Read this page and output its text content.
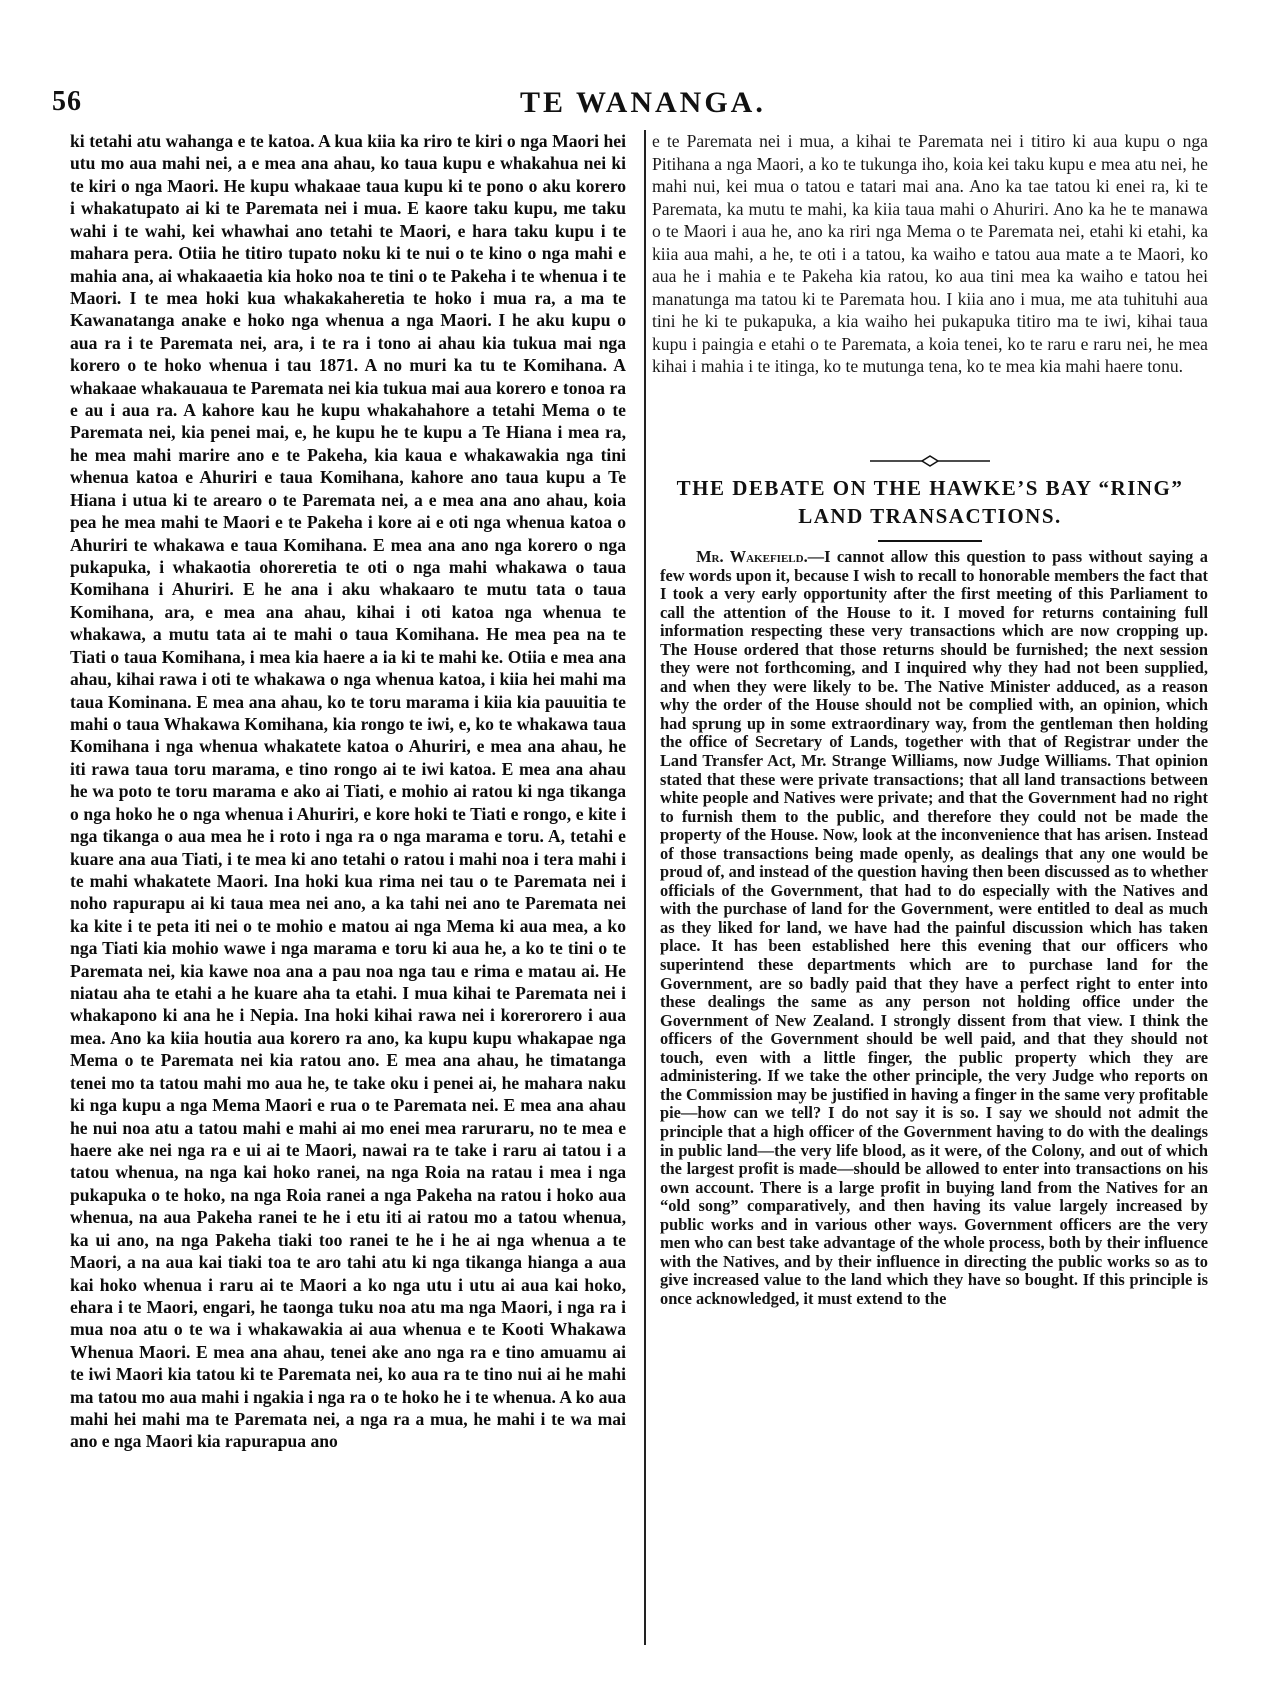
56	TE WANANGA.

ki tetahi atu wahanga e te katoa. A kua kiia ka riro te kiri o nga Maori hei utu mo aua mahi nei, a e mea ana ahau, ko taua kupu e whakahua nei ki te kiri o nga Maori. He kupu whakaae taua kupu ki te pono o aku korero i whakatupato ai ki te Paremata nei i mua. E kaore taku kupu, me taku wahi i te wahi, kei whawhai ano tetahi te Maori, e hara taku kupu i te mahara pera. Otiia he titiro tupato noku ki te nui o te kino o nga mahi e mahia ana, ai whakaaetia kia hoko noa te tini o te Pakeha i te whenua i te Maori. I te mea hoki kua whakakaheretia te hoko i mua ra, a ma te Kawanatanga anake e hoko nga whenua a nga Maori. I he aku kupu o aua ra i te Paremata nei, ara, i te ra i tono ai ahau kia tukua mai nga korero o te hoko whenua i tau 1871. A no muri ka tu te Komihana. A whakaae whakauaua te Paremata nei kia tukua mai aua korero e tonoa ra e au i aua ra. A kahore kau he kupu whakahahore a tetahi Mema o te Paremata nei, kia penei mai, e, he kupu he te kupu a Te Hiana i mea ra, he mea mahi marire ano e te Pakeha, kia kaua e whakawakia nga tini whenua katoa e Ahuriri e taua Komihana, kahore ano taua kupu a Te Hiana i utua ki te arearo o te Paremata nei, a e mea ana ano ahau, koia pea he mea mahi te Maori e te Pakeha i kore ai e oti nga whenua katoa o Ahuriri te whakawa e taua Komihana. E mea ana ano nga korero o nga pukapuka, i whakaotia ohoreretia te oti o nga mahi whakawa o taua Komihana i Ahuriri. E he ana i aku whakaaro te mutu tata o taua Komihana, ara, e mea ana ahau, kihai i oti katoa nga whenua te whakawa, a mutu tata ai te mahi o taua Komihana. He mea pea na te Tiati o taua Komihana, i mea kia haere a ia ki te mahi ke. Otiia e mea ana ahau, kihai rawa i oti te whakawa o nga whenua katoa, i kiia hei mahi ma taua Kominana. E mea ana ahau, ko te toru marama i kiia kia pauuitia te mahi o taua Whakawa Komihana, kia rongo te iwi, e, ko te whakawa taua Komihana i nga whenua whakatete katoa o Ahuriri, e mea ana ahau, he iti rawa taua toru marama, e tino rongo ai te iwi katoa. E mea ana ahau he wa poto te toru marama e ako ai Tiati, e mohio ai ratou ki nga tikanga o nga hoko he o nga whenua i Ahuriri, e kore hoki te Tiati e rongo, e kite i nga tikanga o aua mea he i roto i nga ra o nga marama e toru. A, tetahi e kuare ana aua Tiati, i te mea ki ano tetahi o ratou i mahi noa i tera mahi i te mahi whakatete Maori. Ina hoki kua rima nei tau o te Paremata nei i noho rapurapu ai ki taua mea nei ano, a ka tahi nei ano te Paremata nei ka kite i te peta iti nei o te mohio e matou ai nga Mema ki aua mea, a ko nga Tiati kia mohio wawe i nga marama e toru ki aua he, a ko te tini o te Paremata nei, kia kawe noa ana a pau noa nga tau e rima e matau ai. He niatau aha te etahi a he kuare aha ta etahi. I mua kihai te Paremata nei i whakapono ki ana he i Nepia. Ina hoki kihai rawa nei i korerorero i aua mea. Ano ka kiia houtia aua korero ra ano, ka kupu kupu whakapae nga Mema o te Paremata nei kia ratou ano. E mea ana ahau, he timatanga tenei mo ta tatou mahi mo aua he, te take oku i penei ai, he mahara naku ki nga kupu a nga Mema Maori e rua o te Paremata nei. E mea ana ahau he nui noa atu a tatou mahi e mahi ai mo enei mea raruraru, no te mea e haere ake nei nga ra e ui ai te Maori, nawai ra te take i raru ai tatou i a tatou whenua, na nga kai hoko ranei, na nga Roia na ratau i mea i nga pukapuka o te hoko, na nga Roia ranei a nga Pakeha na ratou i hoko aua whenua, na aua Pakeha ranei te he i etu iti ai ratou mo a tatou whenua, ka ui ano, na nga Pakeha tiaki too ranei te he i he ai nga whenua a te Maori, a na aua kai tiaki toa te aro tahi atu ki nga tikanga hianga a aua kai hoko whenua i raru ai te Maori a ko nga utu i utu ai aua kai hoko, ehara i te Maori, engari, he taonga tuku noa atu ma nga Maori, i nga ra i mua noa atu o te wa i whakawakia ai aua whenua e te Kooti Whakawa Whenua Maori. E mea ana ahau, tenei ake ano nga ra e tino amuamu ai te iwi Maori kia tatou ki te Paremata nei, ko aua ra te tino nui ai he mahi ma tatou mo aua mahi i ngakia i nga ra o te hoko he i te whenua. A ko aua mahi hei mahi ma te Paremata nei, a nga ra a mua, he mahi i te wa mai ano e nga Maori kia rapurapua ano

e te Paremata nei i mua, a kihai te Paremata nei i titiro ki aua kupu o nga Pitihana a nga Maori, a ko te tukunga iho, koia kei taku kupu e mea atu nei, he mahi nui, kei mua o tatou e tatari mai ana. Ano ka tae tatou ki enei ra, ki te Paremata, ka mutu te mahi, ka kiia taua mahi o Ahuriri. Ano ka he te manawa o te Maori i aua he, ano ka riri nga Mema o te Paremata nei, etahi ki etahi, ka kiia aua mahi, a he, te oti i a tatou, ka waiho e tatou aua mate a te Maori, ko aua he i mahia e te Pakeha kia ratou, ko aua tini mea ka waiho e tatou hei manatunga ma tatou ki te Paremata hou. I kiia ano i mua, me ata tuhituhi aua tini he ki te pukapuka, a kia waiho hei pukapuka titiro ma te iwi, kihai taua kupu i paingia e etahi o te Paremata, a koia tenei, ko te raru e raru nei, he mea kihai i mahia i te itinga, ko te mutunga tena, ko te mea kia mahi haere tonu.

THE DEBATE ON THE HAWKE’S BAY “RING” LAND TRANSACTIONS.

Mr. Wakefield.—I cannot allow this question to pass without saying a few words upon it, because I wish to recall to honorable members the fact that I took a very early opportunity after the first meeting of this Parliament to call the attention of the House to it. I moved for returns containing full information respecting these very transactions which are now cropping up. The House ordered that those returns should be furnished; the next session they were not forthcoming, and I inquired why they had not been supplied, and when they were likely to be. The Native Minister adduced, as a reason why the order of the House should not be complied with, an opinion, which had sprung up in some extraordinary way, from the gentleman then holding the office of Secretary of Lands, together with that of Registrar under the Land Transfer Act, Mr. Strange Williams, now Judge Williams. That opinion stated that these were private transactions; that all land transactions between white people and Natives were private; and that the Government had no right to furnish them to the public, and therefore they could not be made the property of the House. Now, look at the inconvenience that has arisen. Instead of those transactions being made openly, as dealings that any one would be proud of, and instead of the question having then been discussed as to whether officials of the Government, that had to do especially with the Natives and with the purchase of land for the Government, were entitled to deal as much as they liked for land, we have had the painful discussion which has taken place. It has been established here this evening that our officers who superintend these departments which are to purchase land for the Government, are so badly paid that they have a perfect right to enter into these dealings the same as any person not holding office under the Government of New Zealand. I strongly dissent from that view. I think the officers of the Government should be well paid, and that they should not touch, even with a little finger, the public property which they are administering. If we take the other principle, the very Judge who reports on the Commission may be justified in having a finger in the same very profitable pie—how can we tell? I do not say it is so. I say we should not admit the principle that a high officer of the Government having to do with the dealings in public land—the very life blood, as it were, of the Colony, and out of which the largest profit is made—should be allowed to enter into transactions on his own account. There is a large profit in buying land from the Natives for an “old song” comparatively, and then having its value largely increased by public works and in various other ways. Government officers are the very men who can best take advantage of the whole process, both by their influence with the Natives, and by their influence in directing the public works so as to give increased value to the land which they have so bought. If this principle is once acknowledged, it must extend to the
